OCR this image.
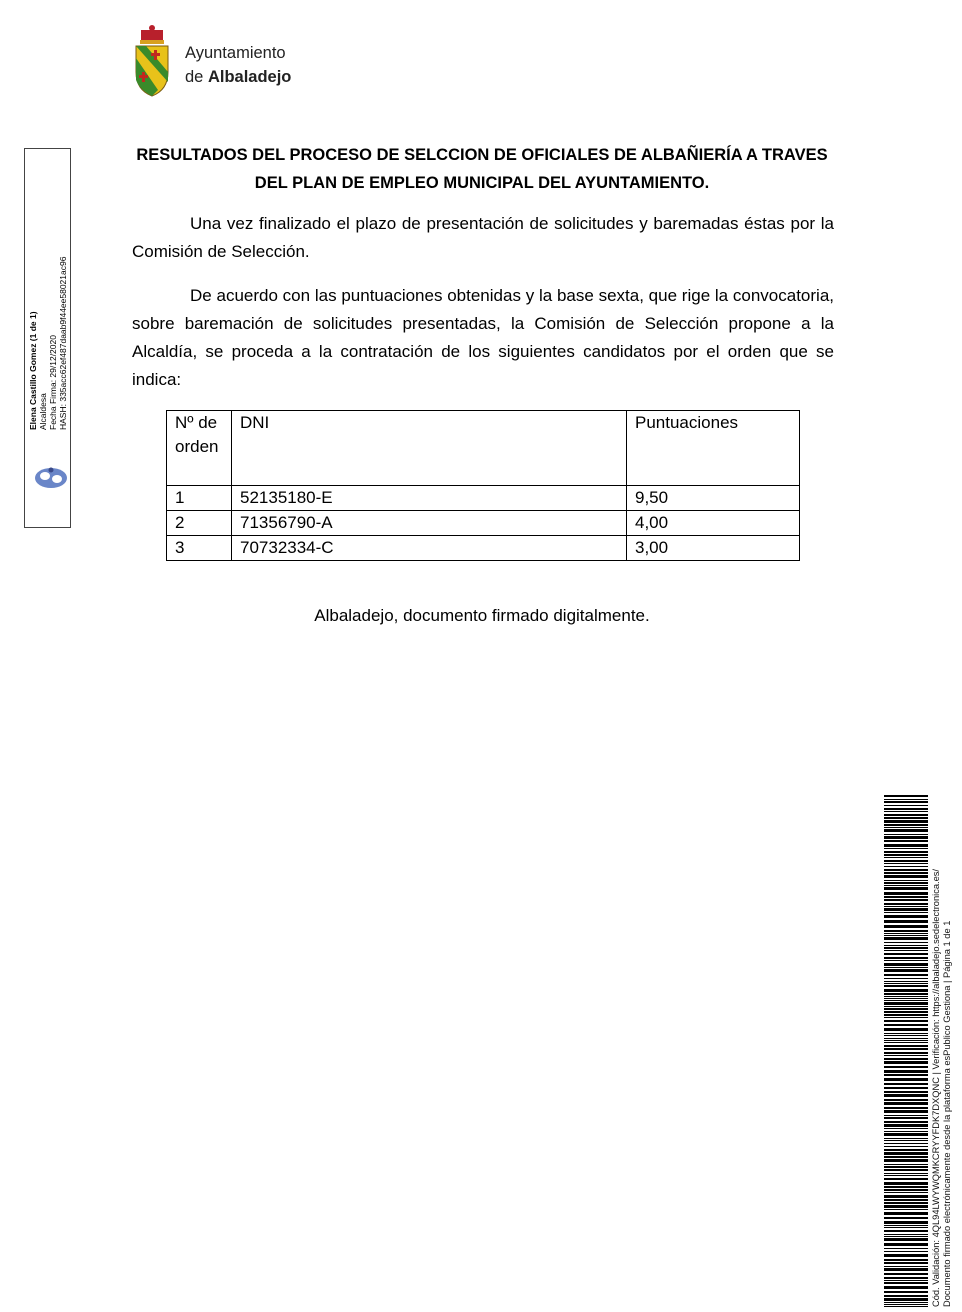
Ayuntamiento
de Albaladejo
RESULTADOS DEL PROCESO DE SELCCION DE OFICIALES DE ALBAÑIERÍA A TRAVES DEL PLAN DE EMPLEO MUNICIPAL DEL AYUNTAMIENTO.
Una vez finalizado el plazo de presentación de solicitudes y baremadas éstas por la Comisión de Selección.
De acuerdo con las puntuaciones obtenidas y la base sexta, que rige la convocatoria, sobre baremación de solicitudes presentadas, la Comisión de Selección propone a la Alcaldía, se proceda a la contratación de los siguientes candidatos por el orden que se indica:
Nº de orden	DNI	Puntuaciones
1	52135180-E	9,50
2	71356790-A	4,00
3	70732334-C	3,00
Albaladejo, documento firmado digitalmente.
Elena Castillo Gomez (1 de 1) Alcaldesa Fecha Firma: 29/12/2020 HASH: 335acc62ef487daab9f44ee58021ac96
Cód. Validación: 4QL94LWYWQMKCRYYFDK7DXQNC | Verificación: https://albaladejo.sedelectronica.es/ Documento firmado electrónicamente desde la plataforma esPublico Gestiona | Página 1 de 1
